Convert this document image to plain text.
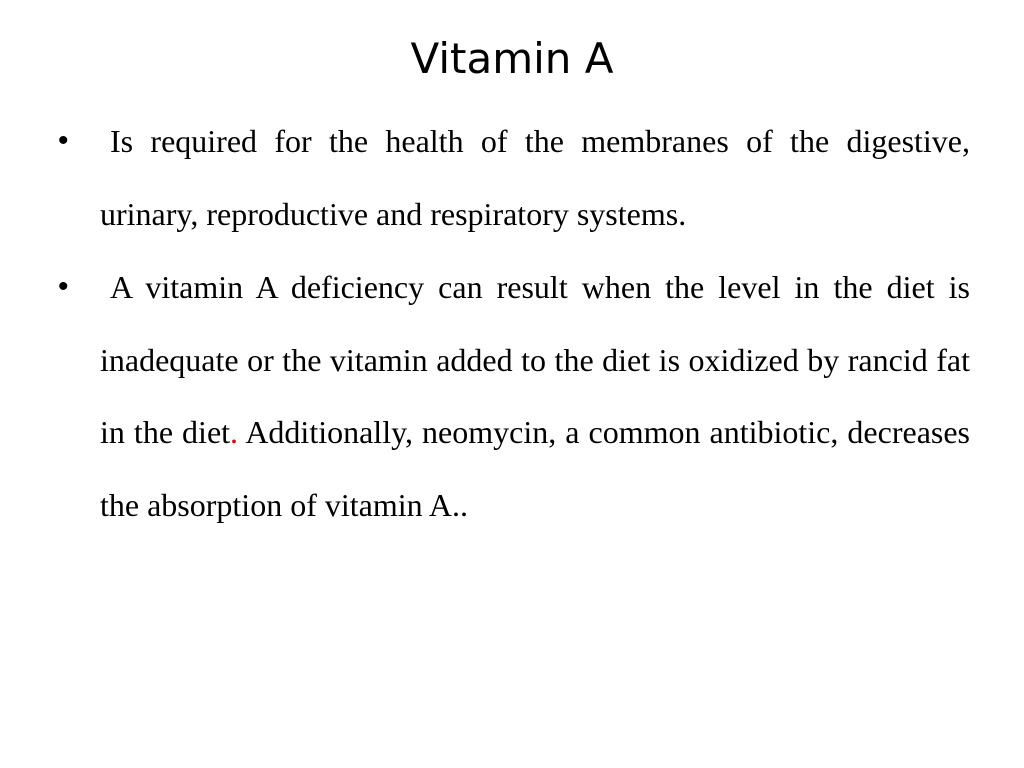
Vitamin A
• Is required for the health of the membranes of the digestive, urinary, reproductive and respiratory systems.
• A vitamin A deficiency can result when the level in the diet is inadequate or the vitamin added to the diet is oxidized by rancid fat in the diet. Additionally, neomycin, a common antibiotic, decreases the absorption of vitamin A..
